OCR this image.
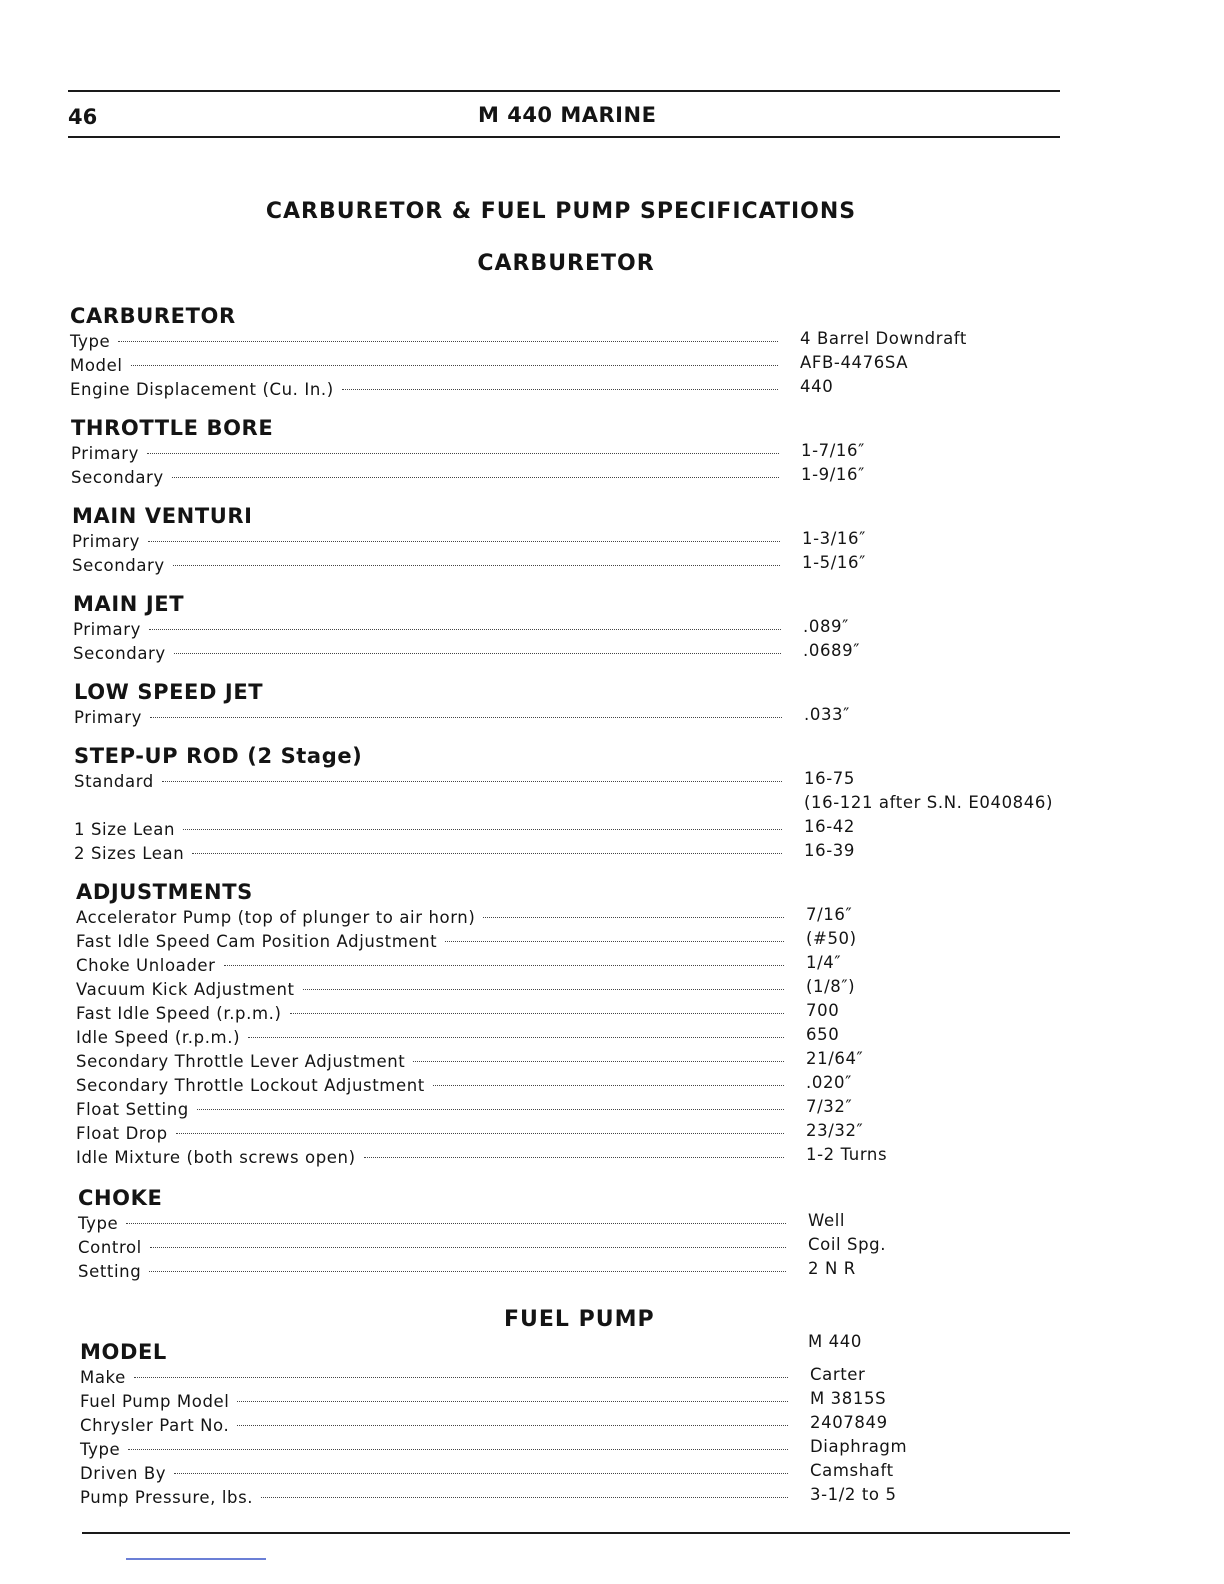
46	M 440 MARINE
CARBURETOR & FUEL PUMP SPECIFICATIONS
CARBURETOR
CARBURETOR
Type	4 Barrel Downdraft
Model	AFB-4476SA
Engine Displacement (Cu. In.)	440
THROTTLE BORE
Primary	1-7/16″
Secondary	1-9/16″
MAIN VENTURI
Primary	1-3/16″
Secondary	1-5/16″
MAIN JET
Primary	.089″
Secondary	.0689″
LOW SPEED JET
Primary	.033″
STEP-UP ROD (2 Stage)
Standard	16-75
(16-121 after S.N. E040846)
1 Size Lean	16-42
2 Sizes Lean	16-39
ADJUSTMENTS
Accelerator Pump (top of plunger to air horn)	7/16″
Fast Idle Speed Cam Position Adjustment	(#50)
Choke Unloader	1/4″
Vacuum Kick Adjustment	(1/8″)
Fast Idle Speed (r.p.m.)	700
Idle Speed (r.p.m.)	650
Secondary Throttle Lever Adjustment	21/64″
Secondary Throttle Lockout Adjustment	.020″
Float Setting	7/32″
Float Drop	23/32″
Idle Mixture (both screws open)	1-2 Turns
CHOKE
Type	Well
Control	Coil Spg.
Setting	2 N R
FUEL PUMP
M 440
MODEL
Make	Carter
Fuel Pump Model	M 3815S
Chrysler Part No.	2407849
Type	Diaphragm
Driven By	Camshaft
Pump Pressure, lbs.	3-1/2 to 5
